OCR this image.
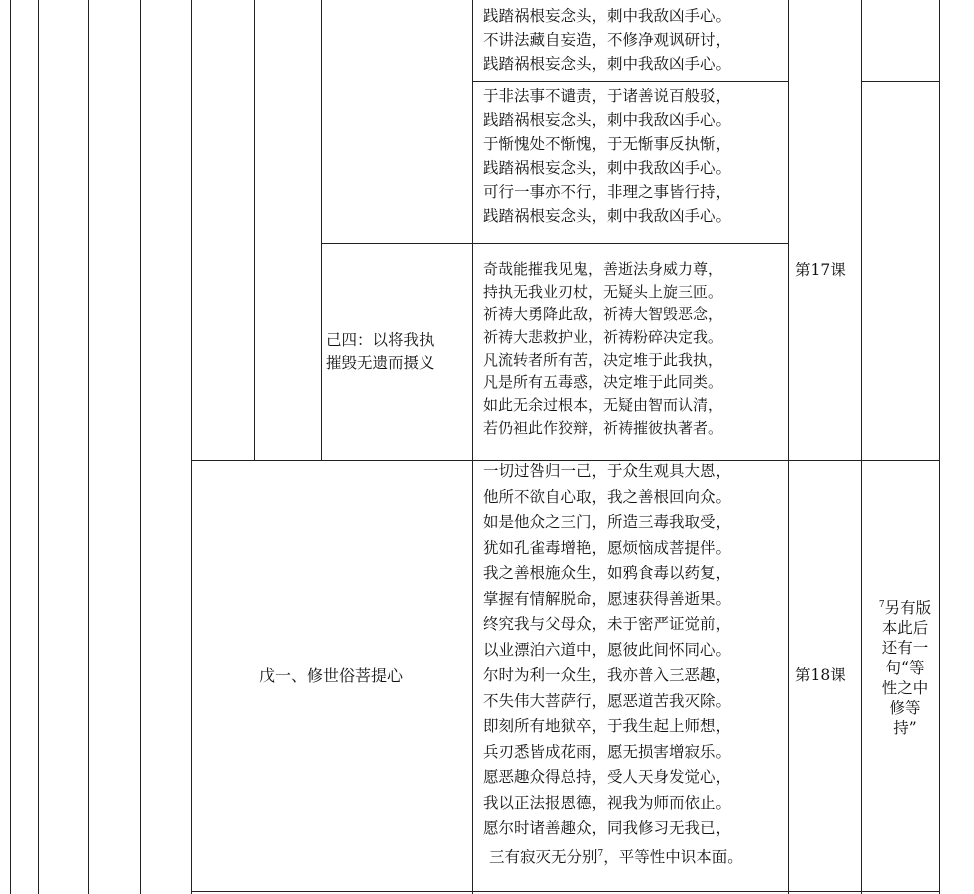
践踏祸根妄念头，刺中我敌凶手心。
不讲法藏自妄造，不修净观讽研讨，
践踏祸根妄念头，刺中我敌凶手心。
于非法事不谴责，于诸善说百般驳，
践踏祸根妄念头，刺中我敌凶手心。
于惭愧处不惭愧，于无惭事反执惭，
践踏祸根妄念头，刺中我敌凶手心。
可行一事亦不行，非理之事皆行持，
践踏祸根妄念头，刺中我敌凶手心。
己四：以将我执
摧毁无遗而摄义
奇哉能摧我见鬼，善逝法身威力尊，
持执无我业刃杖，无疑头上旋三匝。
祈祷大勇降此敌，祈祷大智毁恶念，
祈祷大悲救护业，祈祷粉碎决定我。
凡流转者所有苦，决定堆于此我执，
凡是所有五毒惑，决定堆于此同类。
如此无余过根本，无疑由智而认清，
若仍袒此作狡辩，祈祷摧彼执著者。
第17课
戊一、修世俗菩提心
一切过咎归一己，于众生观具大恩，
他所不欲自心取，我之善根回向众。
如是他众之三门，所造三毒我取受，
犹如孔雀毒增艳，愿烦恼成菩提伴。
我之善根施众生，如鸦食毒以药复，
掌握有情解脱命，愿速获得善逝果。
终究我与父母众，未于密严证觉前，
以业漂泊六道中，愿彼此间怀同心。
尔时为利一众生，我亦普入三恶趣，
不失伟大菩萨行，愿恶道苦我灭除。
即刻所有地狱卒，于我生起上师想，
兵刃悉皆成花雨，愿无损害增寂乐。
愿恶趣众得总持，受人天身发觉心，
我以正法报恩德，视我为师而依止。
愿尔时诸善趣众，同我修习无我已，
三有寂灭无分别$^7$，平等性中识本面。
第18课
$^7$另有版
本此后
还有一
句“等
性之中
修等
持”
